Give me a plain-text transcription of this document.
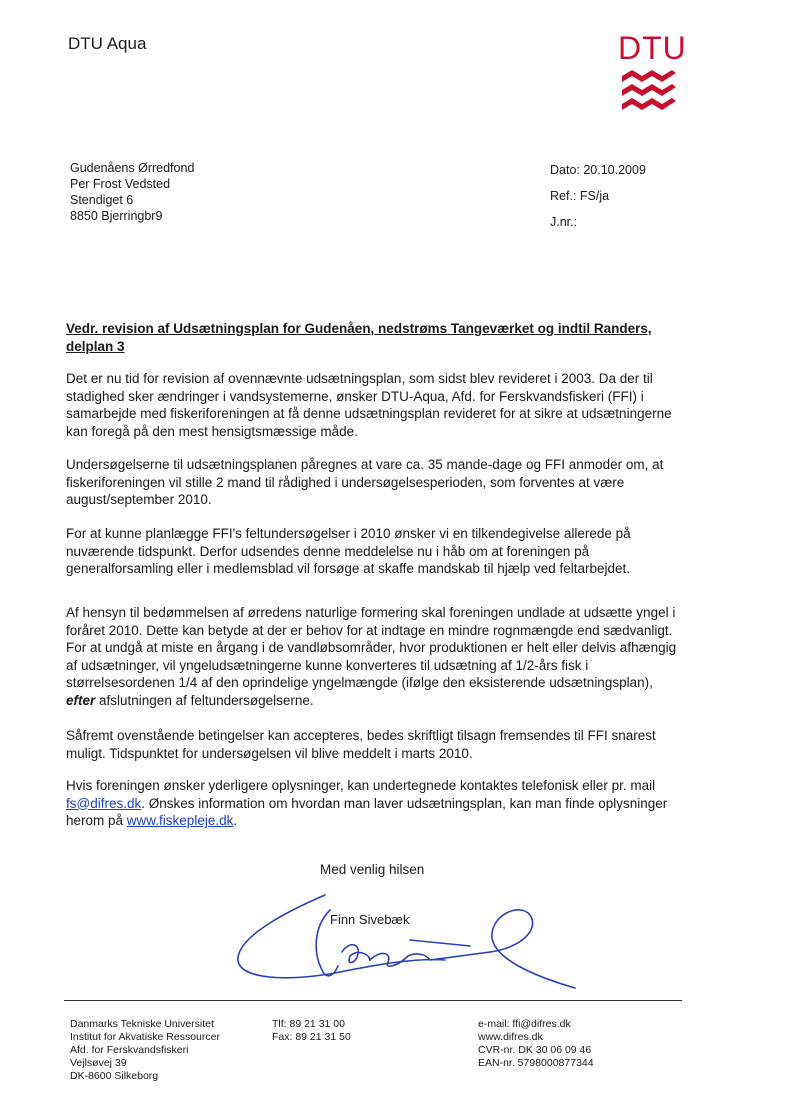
DTU Aqua	DTU
Gudenåens Ørredfond
Per Frost Vedsted
Stendiget 6
8850 Bjerringbr9
Dato: 20.10.2009
Ref.: FS/ja
J.nr.:
Vedr. revision af Udsætningsplan for Gudenåen, nedstrøms Tangeværket og indtil Randers, delplan 3
Det er nu tid for revision af ovennævnte udsætningsplan, som sidst blev revideret i 2003. Da der til stadighed sker ændringer i vandsystemerne, ønsker DTU-Aqua, Afd. for Ferskvandsfiskeri (FFI) i samarbejde med fiskeriforeningen at få denne udsætningsplan revideret for at sikre at udsætningerne kan foregå på den mest hensigtsmæssige måde.
Undersøgelserne til udsætningsplanen påregnes at vare ca. 35 mande-dage og FFI anmoder om, at fiskeriforeningen vil stille 2 mand til rådighed i undersøgelsesperioden, som forventes at være august/september 2010.
For at kunne planlægge FFI's feltundersøgelser i 2010 ønsker vi en tilkendegivelse allerede på nuværende tidspunkt. Derfor udsendes denne meddelelse nu i håb om at foreningen på generalforsamling eller i medlemsblad vil forsøge at skaffe mandskab til hjælp ved feltarbejdet.
Af hensyn til bedømmelsen af ørredens naturlige formering skal foreningen undlade at udsætte yngel i foråret 2010. Dette kan betyde at der er behov for at indtage en mindre rognmængde end sædvanligt. For at undgå at miste en årgang i de vandløbsområder, hvor produktionen er helt eller delvis afhængig af udsætninger, vil yngeludsætningerne kunne konverteres til udsætning af 1/2-års fisk i størrelsesordenen 1/4 af den oprindelige yngelmængde (ifølge den eksisterende udsætningsplan), efter afslutningen af feltundersøgelserne.
Såfremt ovenstående betingelser kan accepteres, bedes skriftligt tilsagn fremsendes til FFI snarest muligt. Tidspunktet for undersøgelsen vil blive meddelt i marts 2010.
Hvis foreningen ønsker yderligere oplysninger, kan undertegnede kontaktes telefonisk eller pr. mail fs@difres.dk. Ønskes information om hvordan man laver udsætningsplan, kan man finde oplysninger herom på www.fiskepleje.dk.
Med venlig hilsen
Finn Sivebæk
Danmarks Tekniske Universitet
Institut for Akvatiske Ressourcer
Afd. for Ferskvandsfiskeri
Vejlsøvej 39
DK-8600 Silkeborg
Tlf: 89 21 31 00
Fax: 89 21 31 50
e-mail: ffi@difres.dk
www.difres.dk
CVR-nr. DK 30 06 09 46
EAN-nr. 5798000877344
